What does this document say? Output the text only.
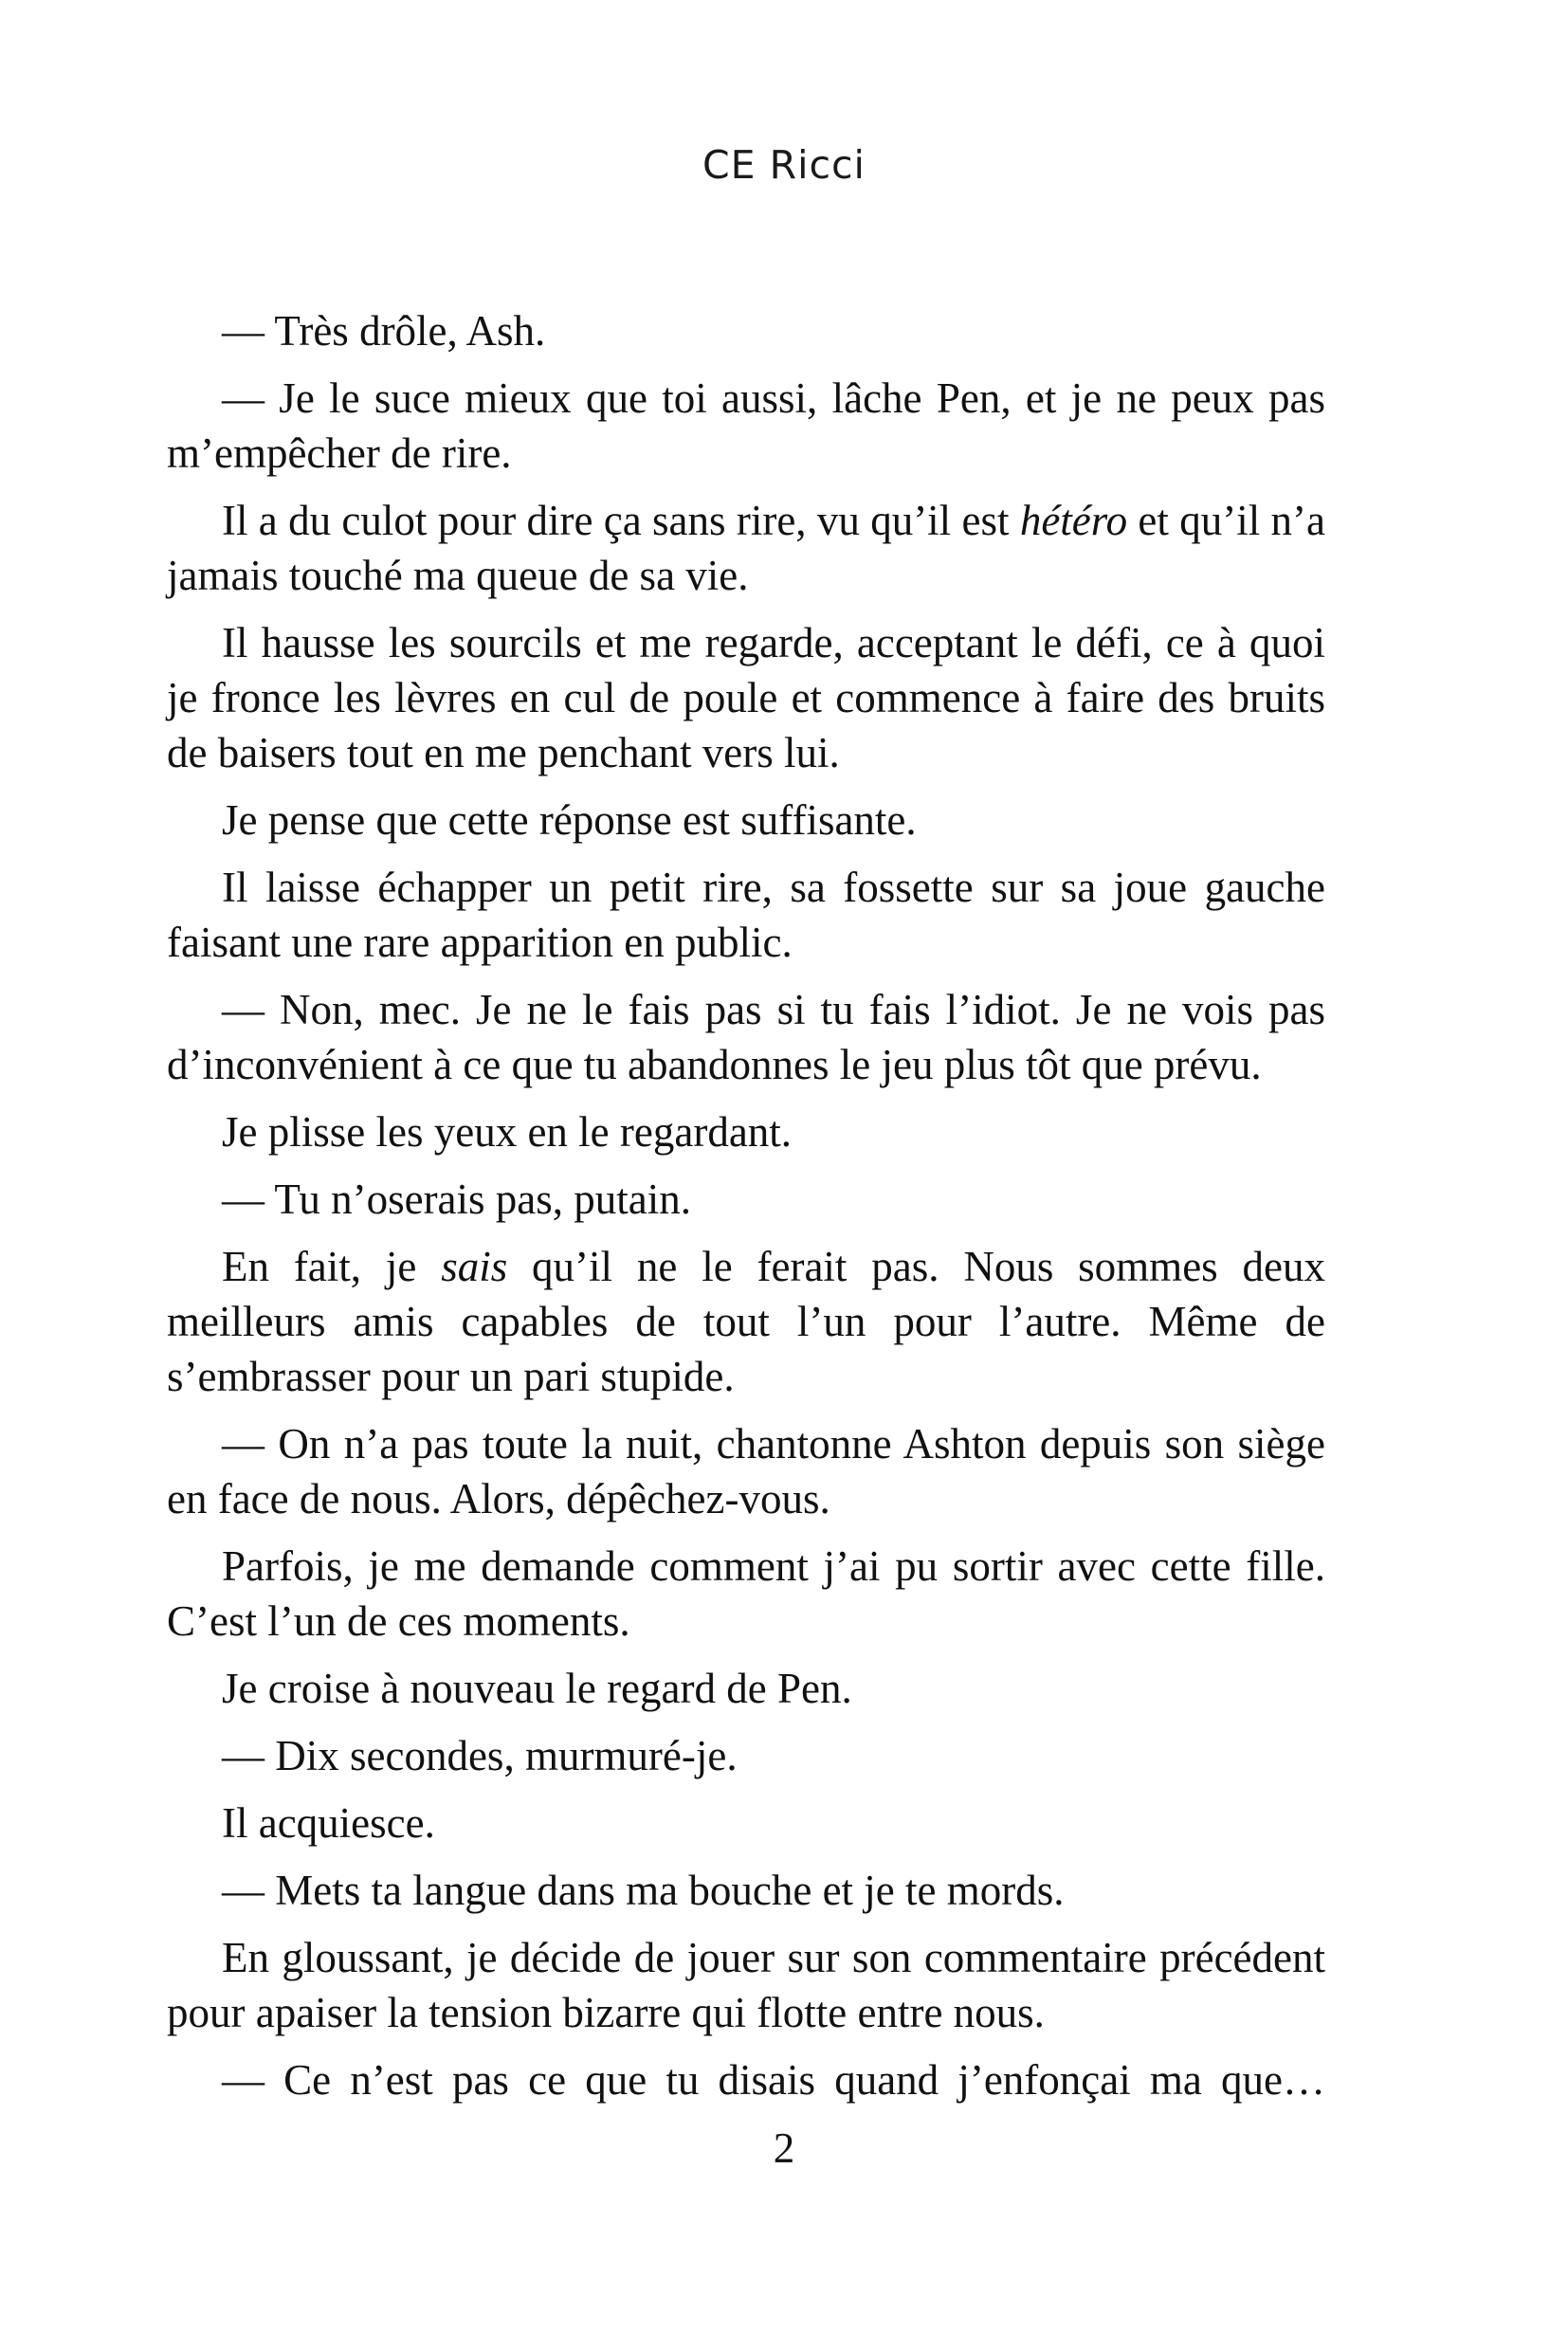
CE Ricci

— Très drôle, Ash.

— Je le suce mieux que toi aussi, lâche Pen, et je ne peux pas m’empêcher de rire.

Il a du culot pour dire ça sans rire, vu qu’il est hétéro et qu’il n’a jamais touché ma queue de sa vie.

Il hausse les sourcils et me regarde, acceptant le défi, ce à quoi je fronce les lèvres en cul de poule et commence à faire des bruits de baisers tout en me penchant vers lui.

Je pense que cette réponse est suffisante.

Il laisse échapper un petit rire, sa fossette sur sa joue gauche faisant une rare apparition en public.

— Non, mec. Je ne le fais pas si tu fais l’idiot. Je ne vois pas d’inconvénient à ce que tu abandonnes le jeu plus tôt que prévu.

Je plisse les yeux en le regardant.

— Tu n’oserais pas, putain.

En fait, je sais qu’il ne le ferait pas. Nous sommes deux meilleurs amis capables de tout l’un pour l’autre. Même de s’embrasser pour un pari stupide.

— On n’a pas toute la nuit, chantonne Ashton depuis son siège en face de nous. Alors, dépêchez-vous.

Parfois, je me demande comment j’ai pu sortir avec cette fille. C’est l’un de ces moments.

Je croise à nouveau le regard de Pen.

— Dix secondes, murmuré-je.

Il acquiesce.

— Mets ta langue dans ma bouche et je te mords.

En gloussant, je décide de jouer sur son commentaire précédent pour apaiser la tension bizarre qui flotte entre nous.

— Ce n’est pas ce que tu disais quand j’enfonçai ma que…

2
